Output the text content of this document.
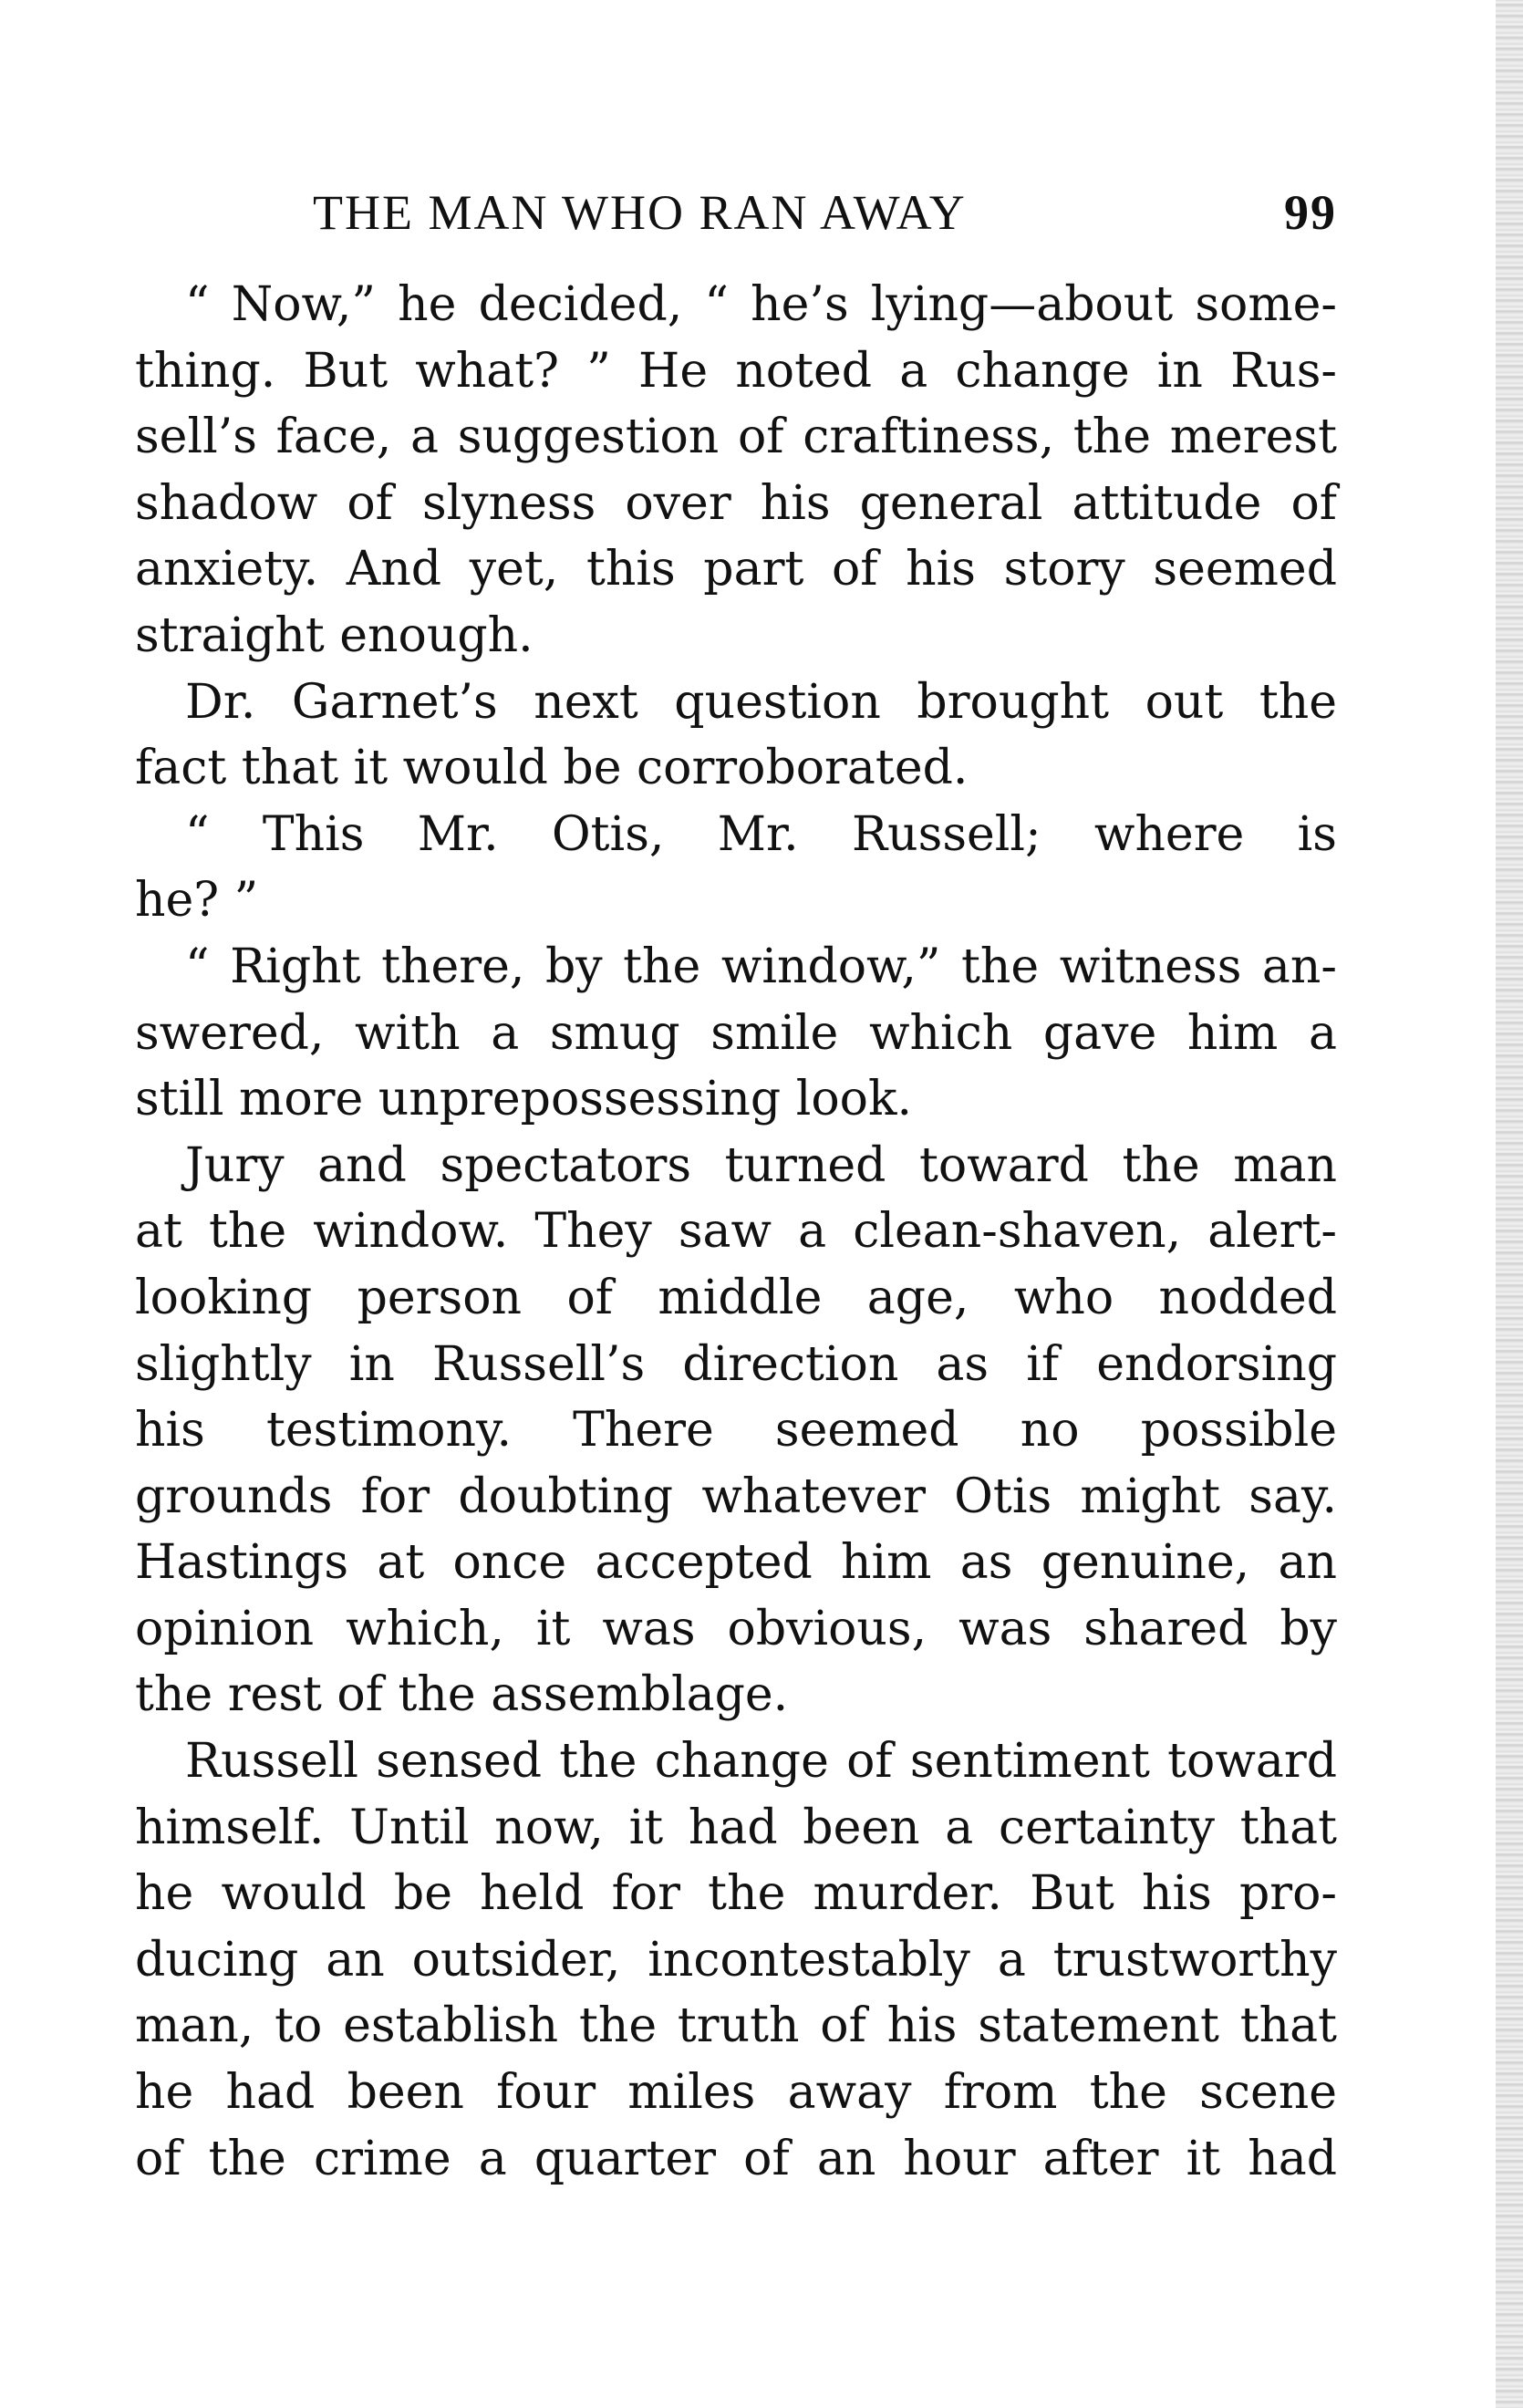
THE MAN WHO RAN AWAY	99
“ Now,” he decided, “ he’s lying—about some-
thing. But what? ” He noted a change in Rus-
sell’s face, a suggestion of craftiness, the merest
shadow of slyness over his general attitude of
anxiety. And yet, this part of his story seemed
straight enough.
Dr. Garnet’s next question brought out the
fact that it would be corroborated.
“ This Mr. Otis, Mr. Russell; where is
he? ”
“ Right there, by the window,” the witness an-
swered, with a smug smile which gave him a
still more unprepossessing look.
Jury and spectators turned toward the man
at the window. They saw a clean-shaven, alert-
looking person of middle age, who nodded
slightly in Russell’s direction as if endorsing
his testimony. There seemed no possible
grounds for doubting whatever Otis might say.
Hastings at once accepted him as genuine, an
opinion which, it was obvious, was shared by
the rest of the assemblage.
Russell sensed the change of sentiment toward
himself. Until now, it had been a certainty that
he would be held for the murder. But his pro-
ducing an outsider, incontestably a trustworthy
man, to establish the truth of his statement that
he had been four miles away from the scene
of the crime a quarter of an hour after it had
